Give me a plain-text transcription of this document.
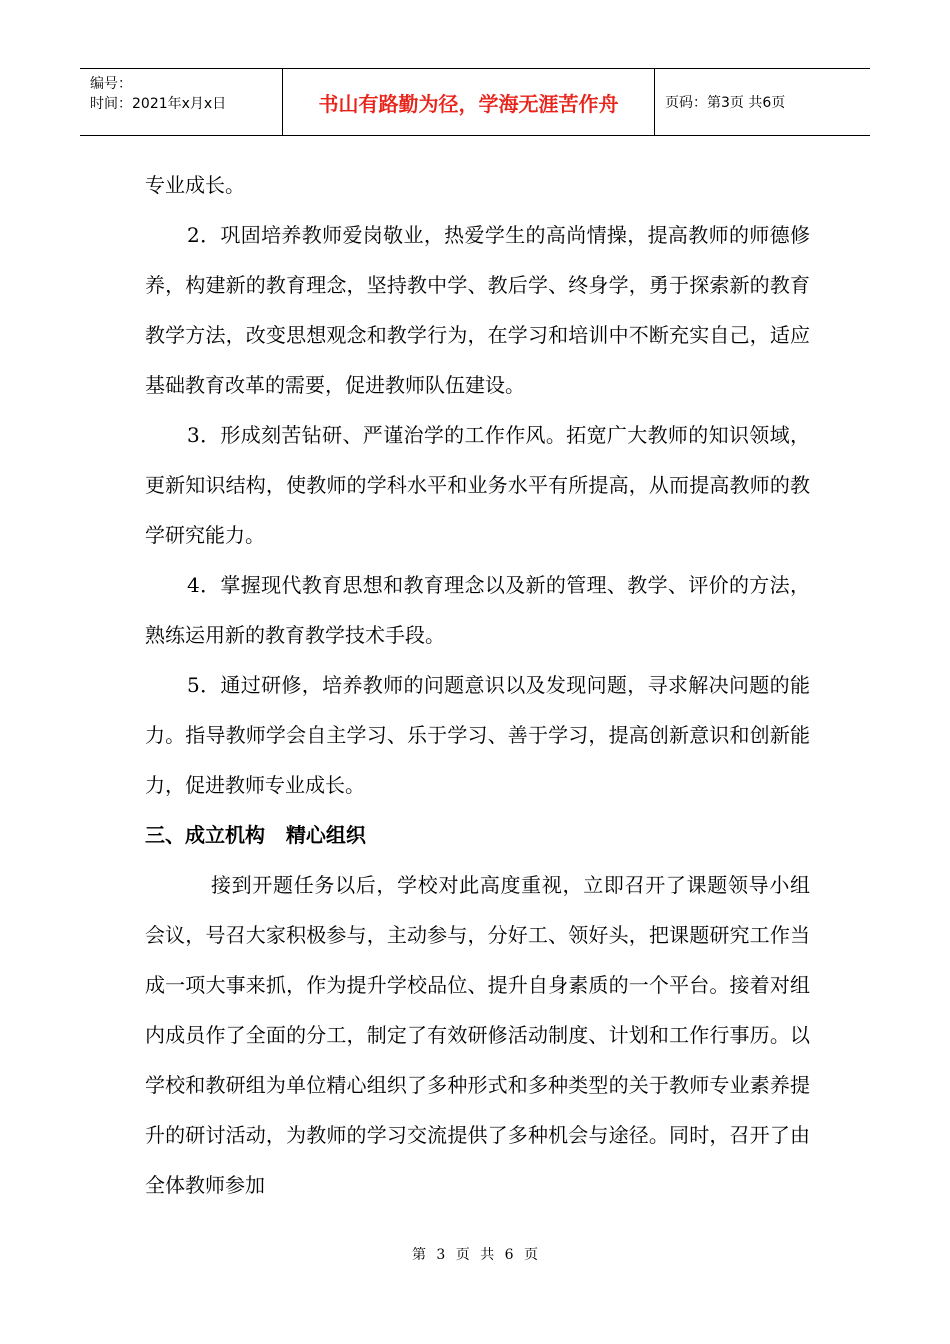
编号：
时间：2021年x月x日	书山有路勤为径，学海无涯苦作舟	页码：第3页 共6页

专业成长。

2．巩固培养教师爱岗敬业，热爱学生的高尚情操，提高教师的师德修养，构建新的教育理念，坚持教中学、教后学、终身学，勇于探索新的教育教学方法，改变思想观念和教学行为，在学习和培训中不断充实自己，适应基础教育改革的需要，促进教师队伍建设。

3．形成刻苦钻研、严谨治学的工作作风。拓宽广大教师的知识领域，更新知识结构，使教师的学科水平和业务水平有所提高，从而提高教师的教学研究能力。

4．掌握现代教育思想和教育理念以及新的管理、教学、评价的方法，熟练运用新的教育教学技术手段。

5．通过研修，培养教师的问题意识以及发现问题，寻求解决问题的能力。指导教师学会自主学习、乐于学习、善于学习，提高创新意识和创新能力，促进教师专业成长。

三、成立机构   精心组织

接到开题任务以后，学校对此高度重视，立即召开了课题领导小组会议，号召大家积极参与，主动参与，分好工、领好头，把课题研究工作当成一项大事来抓，作为提升学校品位、提升自身素质的一个平台。接着对组内成员作了全面的分工，制定了有效研修活动制度、计划和工作行事历。以学校和教研组为单位精心组织了多种形式和多种类型的关于教师专业素养提升的研讨活动，为教师的学习交流提供了多种机会与途径。同时，召开了由全体教师参加

第 3 页 共 6 页
